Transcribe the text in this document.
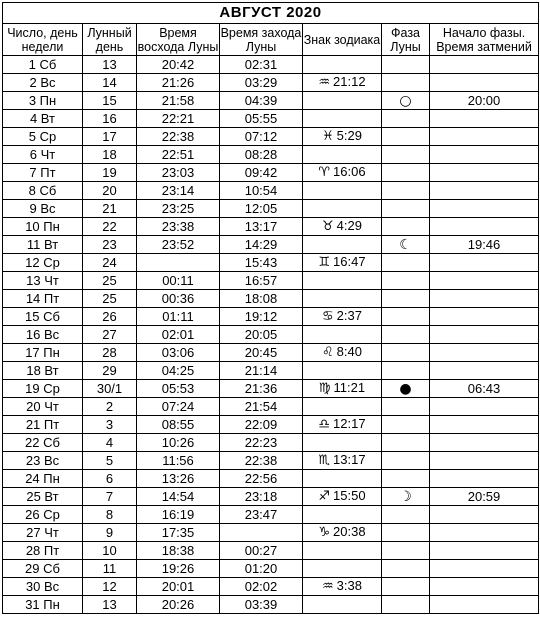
АВГУСТ 2020						
Число, день недели	Лунный день	Время восхода Луны	Время захода Луны	Знак зодиака	Фаза Луны	Начало фазы. Время затмений
1 Сб	13	20:42	02:31			
2 Вс	14	21:26	03:29	♒ 21:12		
3 Пн	15	21:58	04:39		○	20:00
4 Вт	16	22:21	05:55			
5 Ср	17	22:38	07:12	♓ 5:29		
6 Чт	18	22:51	08:28			
7 Пт	19	23:03	09:42	♈ 16:06		
8 Сб	20	23:14	10:54			
9 Вс	21	23:25	12:05			
10 Пн	22	23:38	13:17	♉ 4:29		
11 Вт	23	23:52	14:29		☾	19:46
12 Ср	24		15:43	♊ 16:47		
13 Чт	25	00:11	16:57			
14 Пт	25	00:36	18:08			
15 Сб	26	01:11	19:12	♋ 2:37		
16 Вс	27	02:01	20:05			
17 Пн	28	03:06	20:45	♌ 8:40		
18 Вт	29	04:25	21:14			
19 Ср	30/1	05:53	21:36	♍ 11:21	●	06:43
20 Чт	2	07:24	21:54			
21 Пт	3	08:55	22:09	♎ 12:17		
22 Сб	4	10:26	22:23			
23 Вс	5	11:56	22:38	♏ 13:17		
24 Пн	6	13:26	22:56			
25 Вт	7	14:54	23:18	♐ 15:50	☽	20:59
26 Ср	8	16:19	23:47			
27 Чт	9	17:35		♑ 20:38		
28 Пт	10	18:38	00:27			
29 Сб	11	19:26	01:20			
30 Вс	12	20:01	02:02	♒ 3:38		
31 Пн	13	20:26	03:39			
